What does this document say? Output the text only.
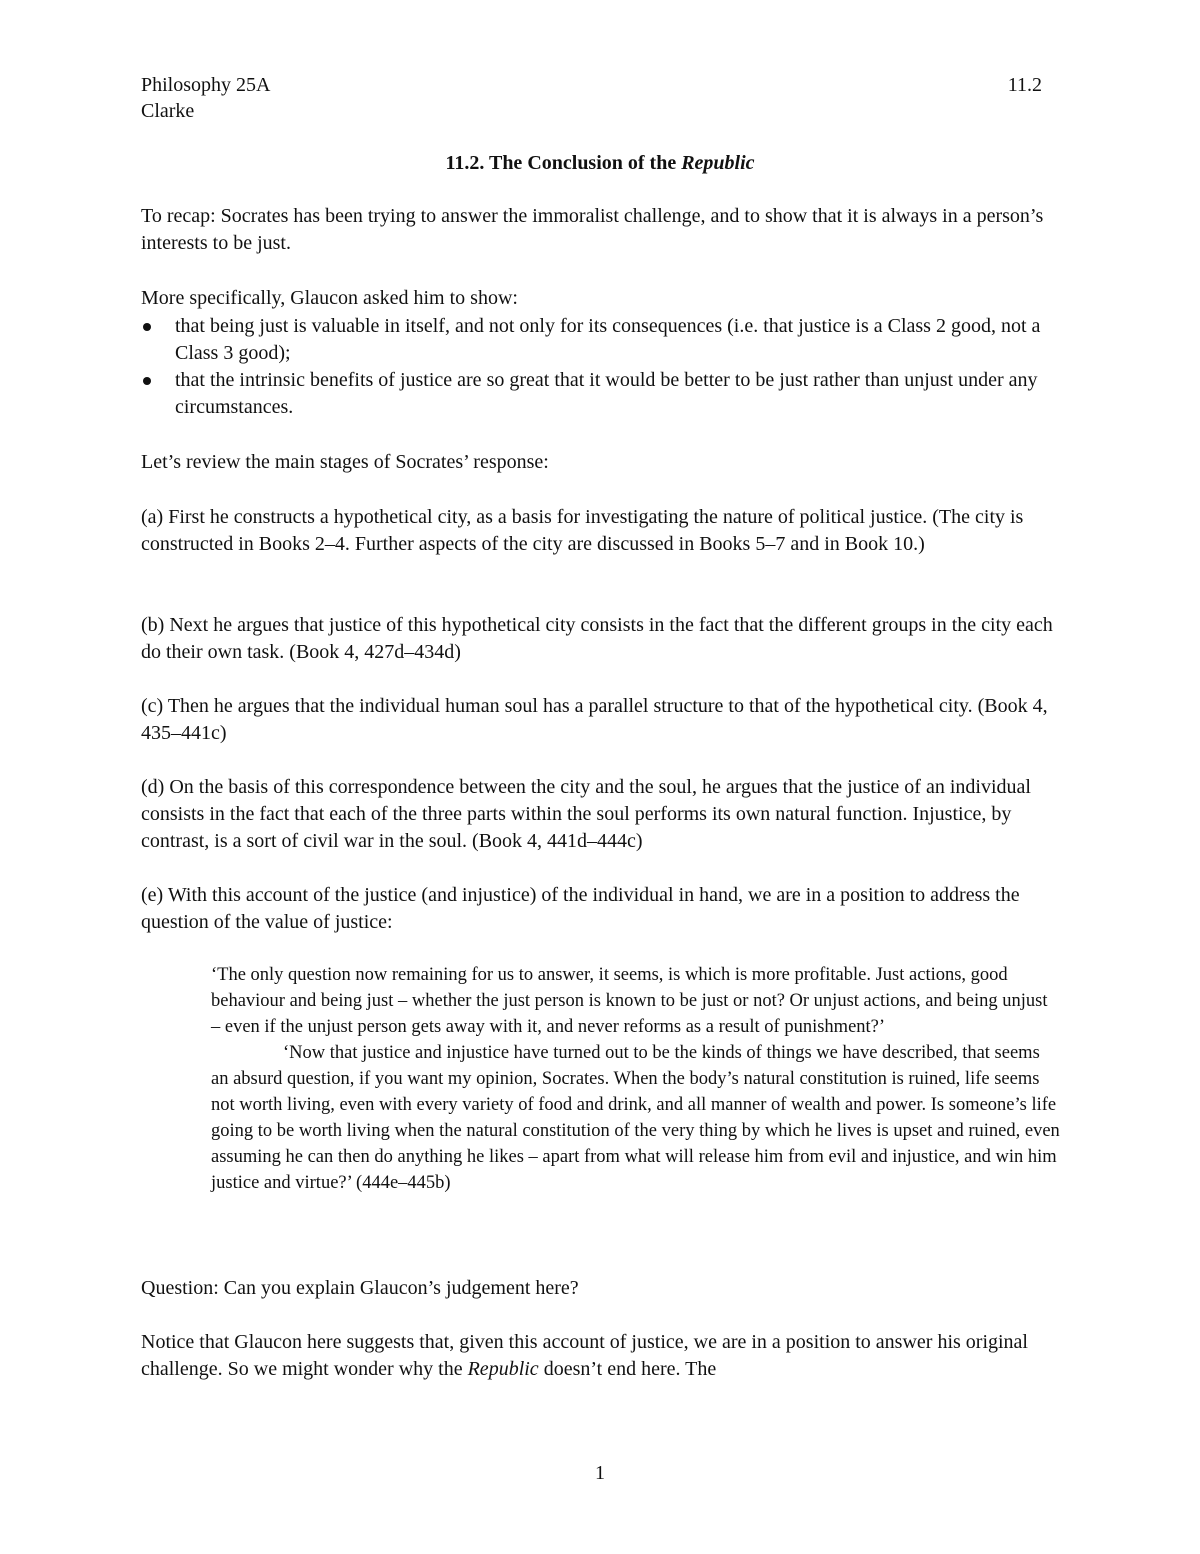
Philosophy 25A
Clarke
11.2
11.2. The Conclusion of the Republic

To recap: Socrates has been trying to answer the immoralist challenge, and to show that it is always in a person’s interests to be just.

More specifically, Glaucon asked him to show:

that being just is valuable in itself, and not only for its consequences (i.e. that justice is a Class 2 good, not a Class 3 good);
that the intrinsic benefits of justice are so great that it would be better to be just rather than unjust under any circumstances.

Let’s review the main stages of Socrates’ response:

(a) First he constructs a hypothetical city, as a basis for investigating the nature of political justice. (The city is constructed in Books 2–4. Further aspects of the city are discussed in Books 5–7 and in Book 10.)

(b) Next he argues that justice of this hypothetical city consists in the fact that the different groups in the city each do their own task. (Book 4, 427d–434d)

(c) Then he argues that the individual human soul has a parallel structure to that of the hypothetical city. (Book 4, 435–441c)

(d) On the basis of this correspondence between the city and the soul, he argues that the justice of an individual consists in the fact that each of the three parts within the soul performs its own natural function. Injustice, by contrast, is a sort of civil war in the soul. (Book 4, 441d–444c)

(e) With this account of the justice (and injustice) of the individual in hand, we are in a position to address the question of the value of justice:

‘The only question now remaining for us to answer, it seems, is which is more profitable. Just actions, good behaviour and being just – whether the just person is known to be just or not? Or unjust actions, and being unjust – even if the unjust person gets away with it, and never reforms as a result of punishment?’

‘Now that justice and injustice have turned out to be the kinds of things we have described, that seems an absurd question, if you want my opinion, Socrates. When the body’s natural constitution is ruined, life seems not worth living, even with every variety of food and drink, and all manner of wealth and power. Is someone’s life going to be worth living when the natural constitution of the very thing by which he lives is upset and ruined, even assuming he can then do anything he likes – apart from what will release him from evil and injustice, and win him justice and virtue?’ (444e–445b)

Question: Can you explain Glaucon’s judgement here?

Notice that Glaucon here suggests that, given this account of justice, we are in a position to answer his original challenge. So we might wonder why the Republic doesn’t end here. The

1
